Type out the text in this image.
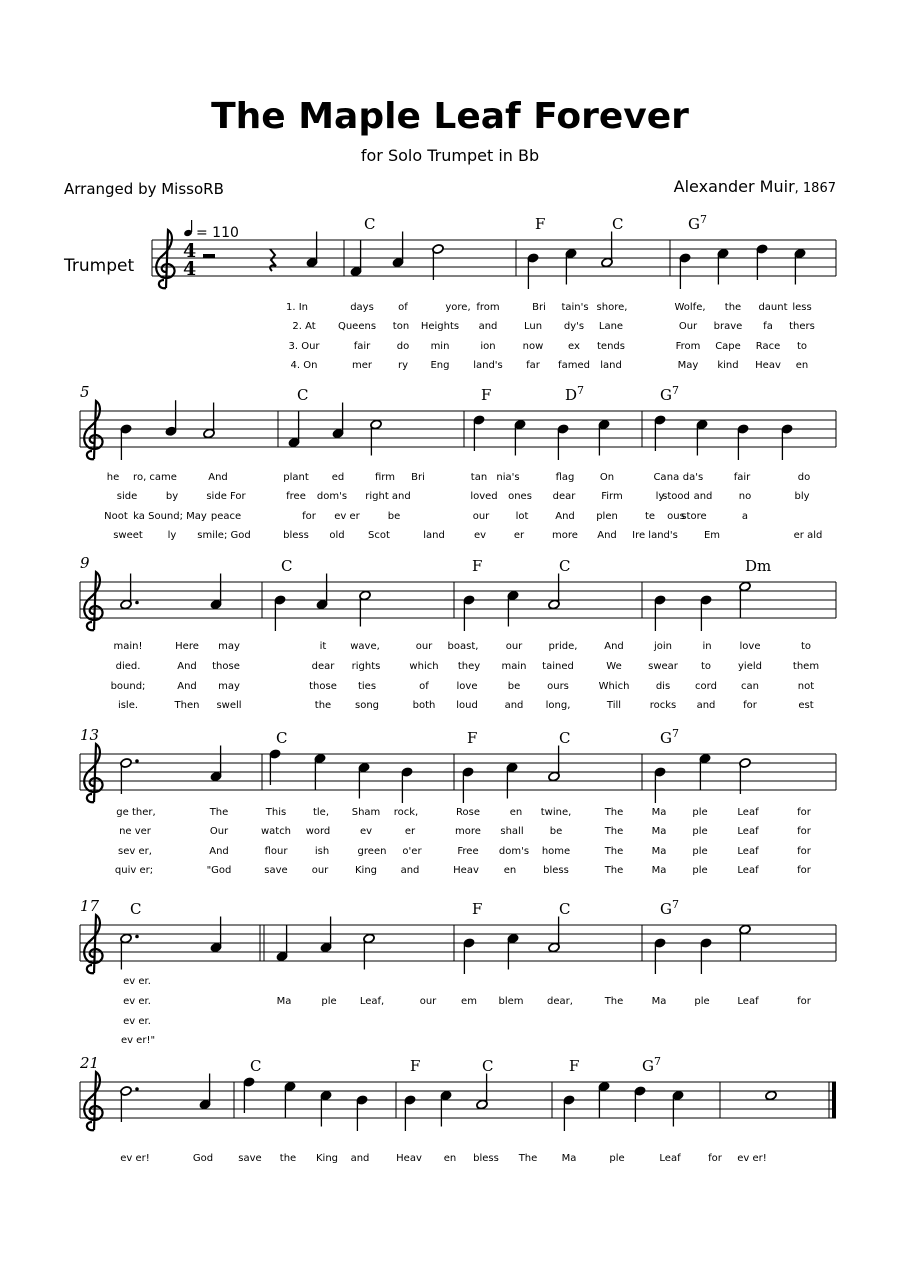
The Maple Leaf Forever
for Solo Trumpet in Bb
Arranged by MissoRB	Alexander Muir, 1867
Trumpet
C	F	C	$G^7$
5	C	F	$D^7$	$G^7$
9	C	F	C	Dm
13	C	F	C	$G^7$
17 C	F	C	$G^7$
21	C	F	C	F	$G^7$
4
4
= 110
1. In	days of	yore, from	Bri tain's shore,	Wolfe, the daunt less
2. At Queens ton Heights and	Lun dy's Lane	Our brave fa thers
3. Our	fair	do min	ion	now ex tends	From Cape Race to
4. On	mer	ry Eng land's far famed land	May kind Heav en
he ro, came	And	plant ed	firm Bri	tan nia's	flag	On	Ca na da's	fair	do
side	by	side For	free dom's right and	loved ones dear	Firm	ly
stood and	no	bly
Noot ka Sound; May peace	for ev er	be	our	lot	And plen	te ous
store	a
sweet ly smile; God	bless old Scot	land	ev	er	more And Ire land's	Em	er ald
main!	Here may	it wave,	our boast,	our	pride,	And	join	in	love	to
died.	And those	dear rights	which they main tained	We	swear to	yield	them
bound;	And may	those ties	of	love	be	ours	Which	dis cord can	not
isle.	Then swell	the song	both loud	and long,	Till	rocks and	for	est
ge ther,	The	This	tle, Sham rock,	Rose	en twine,	The	Ma	ple	Leaf	for
ne ver	Our	watch word	ev	er	more shall	be	The	Ma	ple	Leaf	for
sev er,	And	flour	ish	green o'er	Free dom's home	The	Ma	ple	Leaf	for
quiv er;	"God	save our	King and	Heav en	bless	The	Ma	ple	Leaf	for
ev er.
ev er.	Ma	ple Leaf,	our em blem dear,	The	Ma	ple	Leaf	for
ev er.
ev er!"
ev er!	God	save the King and	Heav en bless The Ma	ple	Leaf	for ev er!
